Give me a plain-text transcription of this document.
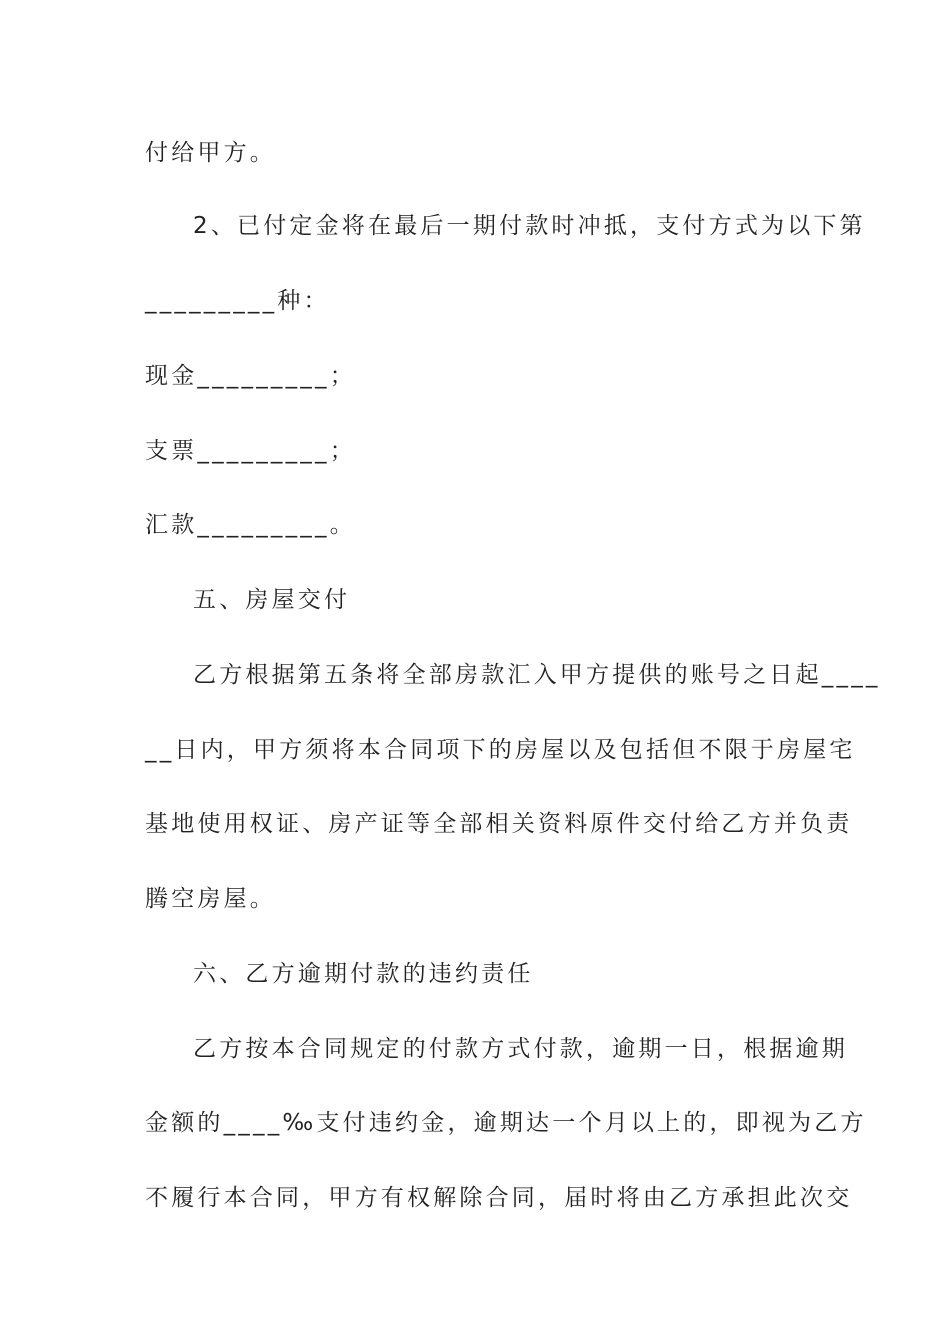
付给甲方。
2、已付定金将在最后一期付款时冲抵，支付方式为以下第
_________种：
现金_________；
支票_________；
汇款_________。
五、房屋交付
乙方根据第五条将全部房款汇入甲方提供的账号之日起____
__日内，甲方须将本合同项下的房屋以及包括但不限于房屋宅
基地使用权证、房产证等全部相关资料原件交付给乙方并负责
腾空房屋。
六、乙方逾期付款的违约责任
乙方按本合同规定的付款方式付款，逾期一日，根据逾期
金额的____‰支付违约金，逾期达一个月以上的，即视为乙方
不履行本合同，甲方有权解除合同，届时将由乙方承担此次交
